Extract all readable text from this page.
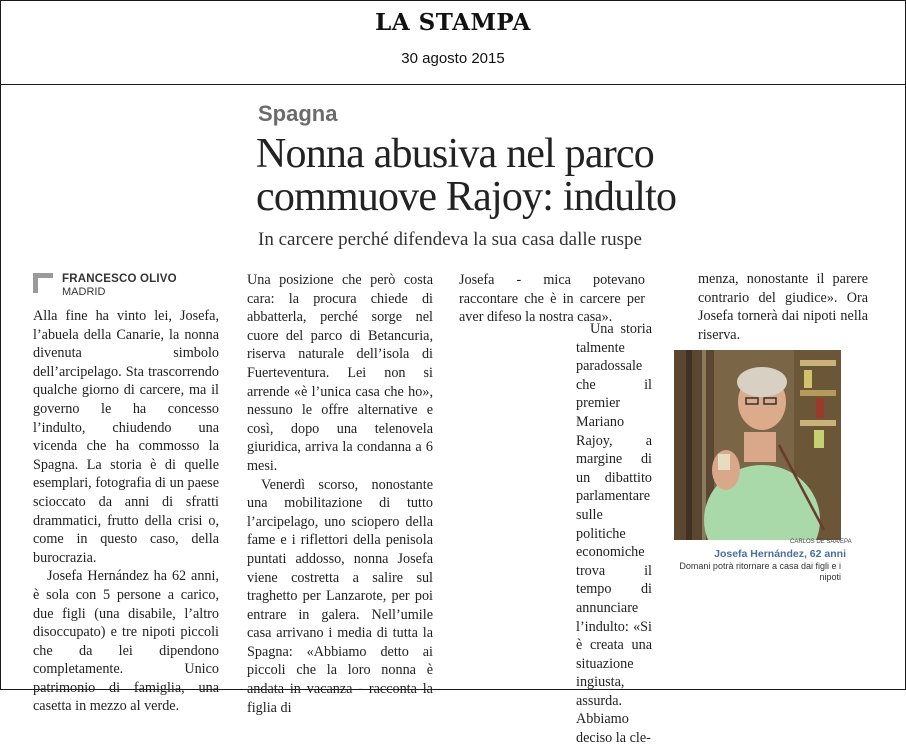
LA STAMPA
30 agosto 2015
Spagna
Nonna abusiva nel parco
commuove Rajoy: indulto
In carcere perché difendeva la sua casa dalle ruspe
FRANCESCO OLIVO
MADRID

Alla fine ha vinto lei, Josefa, l’abuela della Canarie, la nonna divenuta simbolo dell’arcipelago. Sta trascorrendo qualche giorno di carcere, ma il governo le ha concesso l’indulto, chiudendo una vicenda che ha commosso la Spagna. La storia è di quelle esemplari, fotografia di un paese scioccato da anni di sfratti drammatici, frutto della crisi o, come in questo caso, della burocrazia.

Josefa Hernández ha 62 anni, è sola con 5 persone a carico, due figli (una disabile, l’altro disoccupato) e tre nipoti piccoli che da lei dipendono completamente. Unico patrimonio di famiglia, una casetta in mezzo al verde.

Una posizione che però costa cara: la procura chiede di abbatterla, perché sorge nel cuore del parco di Betancuria, riserva naturale dell’isola di Fuerteventura. Lei non si arrende «è l’unica casa che ho», nessuno le offre alternative e così, dopo una telenovela giuridica, arriva la condanna a 6 mesi.

Venerdì scorso, nonostante una mobilitazione di tutto l’arcipelago, uno sciopero della fame e i riflettori della penisola puntati addosso, nonna Josefa viene costretta a salire sul traghetto per Lanzarote, per poi entrare in galera. Nell’umile casa arrivano i media di tutta la Spagna: «Abbiamo detto ai piccoli che la loro nonna è andata in vacanza - racconta la figlia di

Josefa - mica potevano raccontare che è in carcere per aver difeso la nostra casa».

Una storia talmente paradossale che il premier Mariano Rajoy, a margine di un dibattito parlamentare sulle politiche economiche trova il tempo di annunciare l’indulto: «Si è creata una situazione ingiusta, assurda. Abbiamo deciso la cle-

menza, nonostante il parere contrario del giudice». Ora Josefa tornerà dai nipoti nella riserva.

CARLOS DE SAA/EPA
Josefa Hernández, 62 anni
Domani potrà ritornare a casa dai figli e i nipoti
